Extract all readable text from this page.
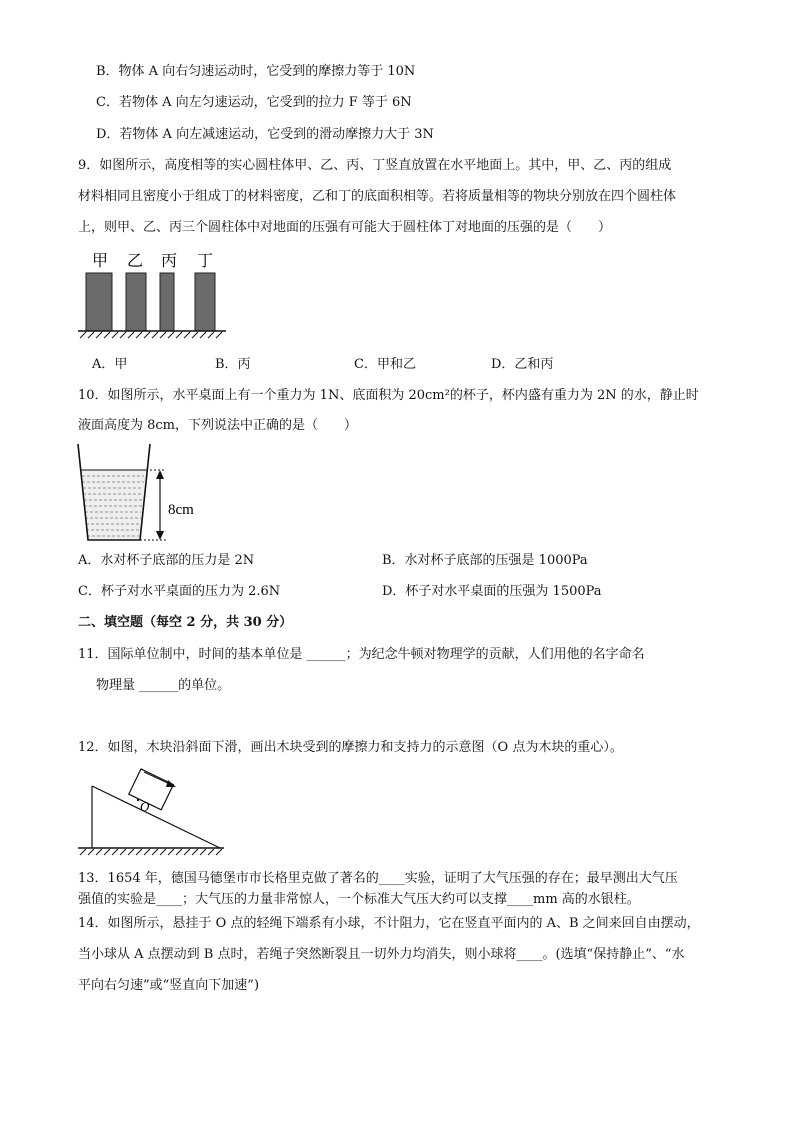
B．物体 A 向右匀速运动时，它受到的摩擦力等于 10N
C．若物体 A 向左匀速运动，它受到的拉力 F 等于 6N
D．若物体 A 向左减速运动，它受到的滑动摩擦力大于 3N
9．如图所示，高度相等的实心圆柱体甲、乙、丙、丁竖直放置在水平地面上。其中，甲、乙、丙的组成
材料相同且密度小于组成丁的材料密度，乙和丁的底面积相等。若将质量相等的物块分别放在四个圆柱体
上，则甲、乙、丙三个圆柱体中对地面的压强有可能大于圆柱体丁对地面的压强的是（　　）
甲 乙 丙 丁
A．甲	B．丙	C．甲和乙	D．乙和丙
10．如图所示，水平桌面上有一个重力为 1N、底面积为 20cm²的杯子，杯内盛有重力为 2N 的水，静止时
液面高度为 8cm，下列说法中正确的是（　　）
8cm
A．水对杯子底部的压力是 2N	B．水对杯子底部的压强是 1000Pa
C．杯子对水平桌面的压力为 2.6N	D．杯子对水平桌面的压强为 1500Pa
二、填空题（每空 2 分，共 30 分）
11．国际单位制中，时间的基本单位是 ______；为纪念牛顿对物理学的贡献，人们用他的名字命名
物理量 ______的单位。
12．如图，木块沿斜面下滑，画出木块受到的摩擦力和支持力的示意图（O 点为木块的重心）。
O
13．1654 年，德国马德堡市市长格里克做了著名的____实验，证明了大气压强的存在；最早测出大气压
强值的实验是____；大气压的力量非常惊人，一个标准大气压大约可以支撑____mm 高的水银柱。
14．如图所示，悬挂于 O 点的轻绳下端系有小球，不计阻力，它在竖直平面内的 A、B 之间来回自由摆动，
当小球从 A 点摆动到 B 点时，若绳子突然断裂且一切外力均消失，则小球将____。(选填“保持静止”、“水
平向右匀速”或“竖直向下加速”)
